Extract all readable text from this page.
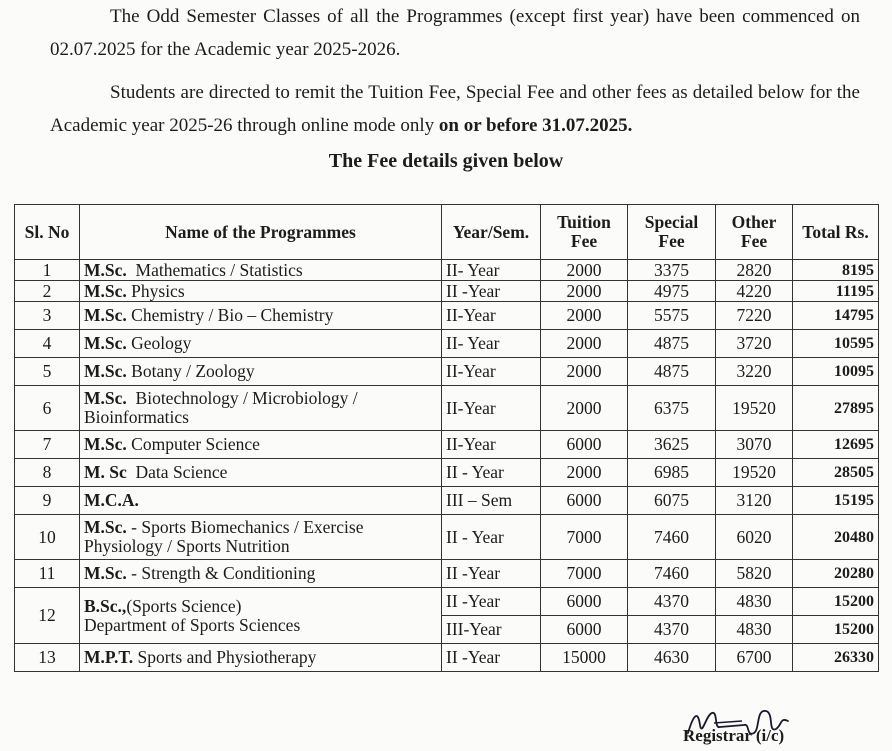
The Odd Semester Classes of all the Programmes (except first year) have been commenced on 02.07.2025 for the Academic year 2025-2026.

Students are directed to remit the Tuition Fee, Special Fee and other fees as detailed below for the Academic year 2025-26 through online mode only on or before 31.07.2025.

The Fee details given below

Sl. No	Name of the Programmes	Year/Sem.	Tuition Fee	Special Fee	Other Fee	Total Rs.
1	M.Sc. Mathematics / Statistics	II- Year	2000	3375	2820	8195
2	M.Sc. Physics	II -Year	2000	4975	4220	11195
3	M.Sc. Chemistry / Bio – Chemistry	II-Year	2000	5575	7220	14795
4	M.Sc. Geology	II- Year	2000	4875	3720	10595
5	M.Sc. Botany / Zoology	II-Year	2000	4875	3220	10095
6	M.Sc. Biotechnology / Microbiology /
Bioinformatics	II-Year	2000	6375	19520	27895
7	M.Sc. Computer Science	II-Year	6000	3625	3070	12695
8	M. Sc Data Science	II - Year	2000	6985	19520	28505
9	M.C.A.	III – Sem	6000	6075	3120	15195
10	M.Sc. - Sports Biomechanics / Exercise
Physiology / Sports Nutrition	II - Year	7000	7460	6020	20480
11	M.Sc. - Strength & Conditioning	II -Year	7000	7460	5820	20280
12	B.Sc.,(Sports Science)
Department of Sports Sciences	II -Year	6000	4370	4830	15200
		III-Year	6000	4370	4830	15200
13	M.P.T. Sports and Physiotherapy	II -Year	15000	4630	6700	26330
Registrar (i/c)
